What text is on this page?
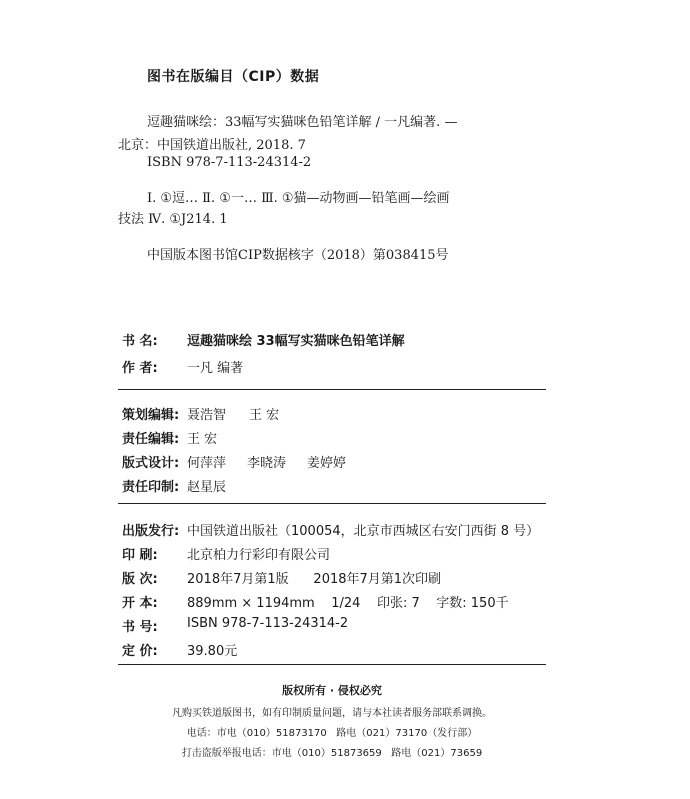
图书在版编目（CIP）数据
逗趣猫咪绘：33幅写实猫咪色铅笔详解 / 一凡编著. —
北京：中国铁道出版社, 2018. 7
ISBN 978-7-113-24314-2
Ⅰ. ①逗… Ⅱ. ①一… Ⅲ. ①猫—动物画—铅笔画—绘画
技法 Ⅳ. ①J214. 1
中国版本图书馆CIP数据核字（2018）第038415号
书 名: 逗趣猫咪绘 33幅写实猫咪色铅笔详解
作 者: 一凡 编著
策划编辑: 聂浩智 王 宏
责任编辑: 王 宏
版式设计: 何萍萍 李晓涛 姜婷婷
责任印制: 赵星辰
出版发行: 中国铁道出版社（100054，北京市西城区右安门西街 8 号）
印 刷: 北京柏力行彩印有限公司
版 次: 2018年7月第1版      2018年7月第1次印刷
开 本: 889mm × 1194mm    1/24    印张: 7    字数: 150千
书 号: ISBN 978-7-113-24314-2
定 价: 39.80元
版权所有 · 侵权必究
凡购买铁道版图书，如有印制质量问题，请与本社读者服务部联系调换。
电话：市电（010）51873170   路电（021）73170（发行部）
打击盗版举报电话：市电（010）51873659   路电（021）73659
